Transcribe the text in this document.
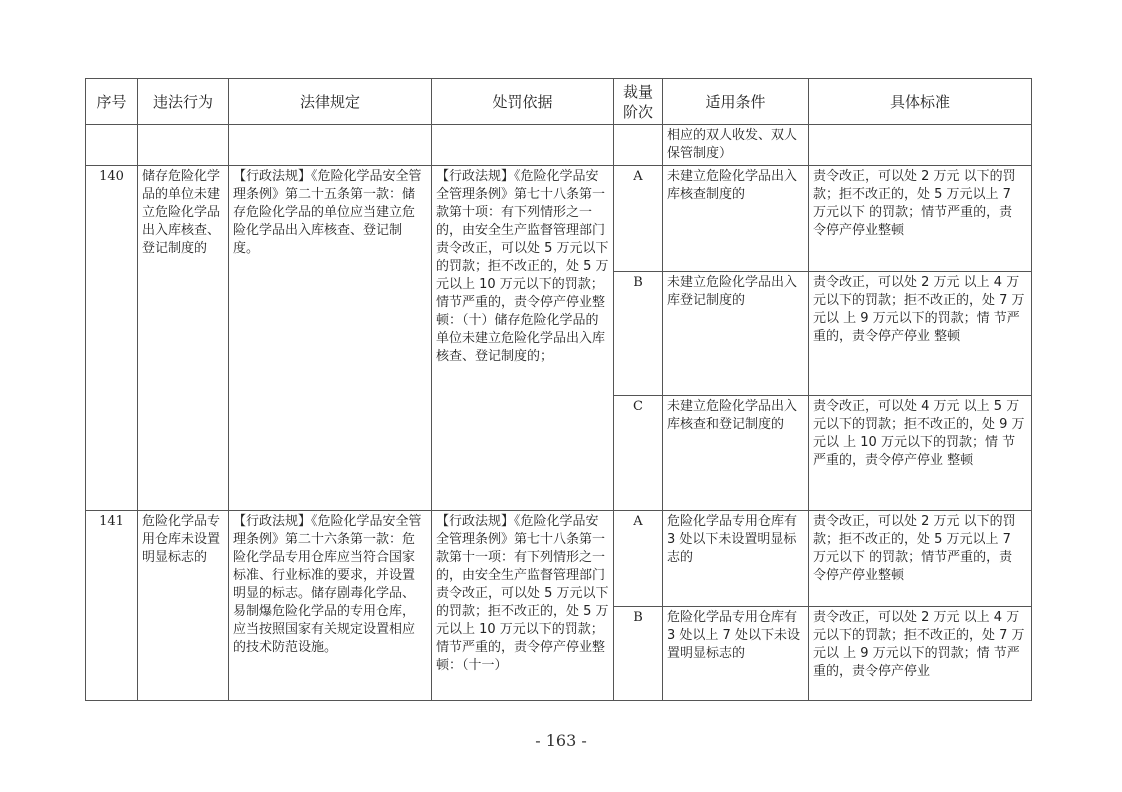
序号	违法行为	法律规定	处罚依据	裁量阶次	适用条件	具体标准
					相应的双人收发、双人保管制度）	
140	储存危险化学品的单位未建立危险化学品出入库核查、登记制度的	【行政法规】《危险化学品安全管理条例》第二十五条第一款：储存危险化学品的单位应当建立危险化学品出入库核查、登记制度。	【行政法规】《危险化学品安全管理条例》第七十八条第一款第十项：有下列情形之一的，由安全生产监督管理部门责令改正，可以处 5 万元以下的罚款；拒不改正的，处 5 万元以上 10 万元以下的罚款；情节严重的，责令停产停业整顿：（十）储存危险化学品的单位未建立危险化学品出入库核查、登记制度的；	A	未建立危险化学品出入库核查制度的	责令改正，可以处 2 万元 以下的罚款；拒不改正的，处 5 万元以上 7 万元以下 的罚款；情节严重的，责 令停产停业整顿
				B	未建立危险化学品出入库登记制度的	责令改正，可以处 2 万元 以上 4 万元以下的罚款；拒不改正的，处 7 万元以 上 9 万元以下的罚款；情 节严重的，责令停产停业 整顿
				C	未建立危险化学品出入库核查和登记制度的	责令改正，可以处 4 万元 以上 5 万元以下的罚款；拒不改正的，处 9 万元以 上 10 万元以下的罚款；情 节严重的，责令停产停业 整顿
141	危险化学品专用仓库未设置明显标志的	【行政法规】《危险化学品安全管理条例》第二十六条第一款：危险化学品专用仓库应当符合国家标准、行业标准的要求，并设置明显的标志。储存剧毒化学品、易制爆危险化学品的专用仓库，应当按照国家有关规定设置相应的技术防范设施。	【行政法规】《危险化学品安全管理条例》第七十八条第一款第十一项：有下列情形之一的，由安全生产监督管理部门责令改正，可以处 5 万元以下的罚款；拒不改正的，处 5 万元以上 10 万元以下的罚款；情节严重的，责令停产停业整顿：（十一）	A	危险化学品专用仓库有 3 处以下未设置明显标志的	责令改正，可以处 2 万元 以下的罚款；拒不改正的，处 5 万元以上 7 万元以下 的罚款；情节严重的，责 令停产停业整顿
				B	危险化学品专用仓库有 3 处以上 7 处以下未设置明显标志的	责令改正，可以处 2 万元 以上 4 万元以下的罚款；拒不改正的，处 7 万元以 上 9 万元以下的罚款；情 节严重的，责令停产停业
- 163 -
